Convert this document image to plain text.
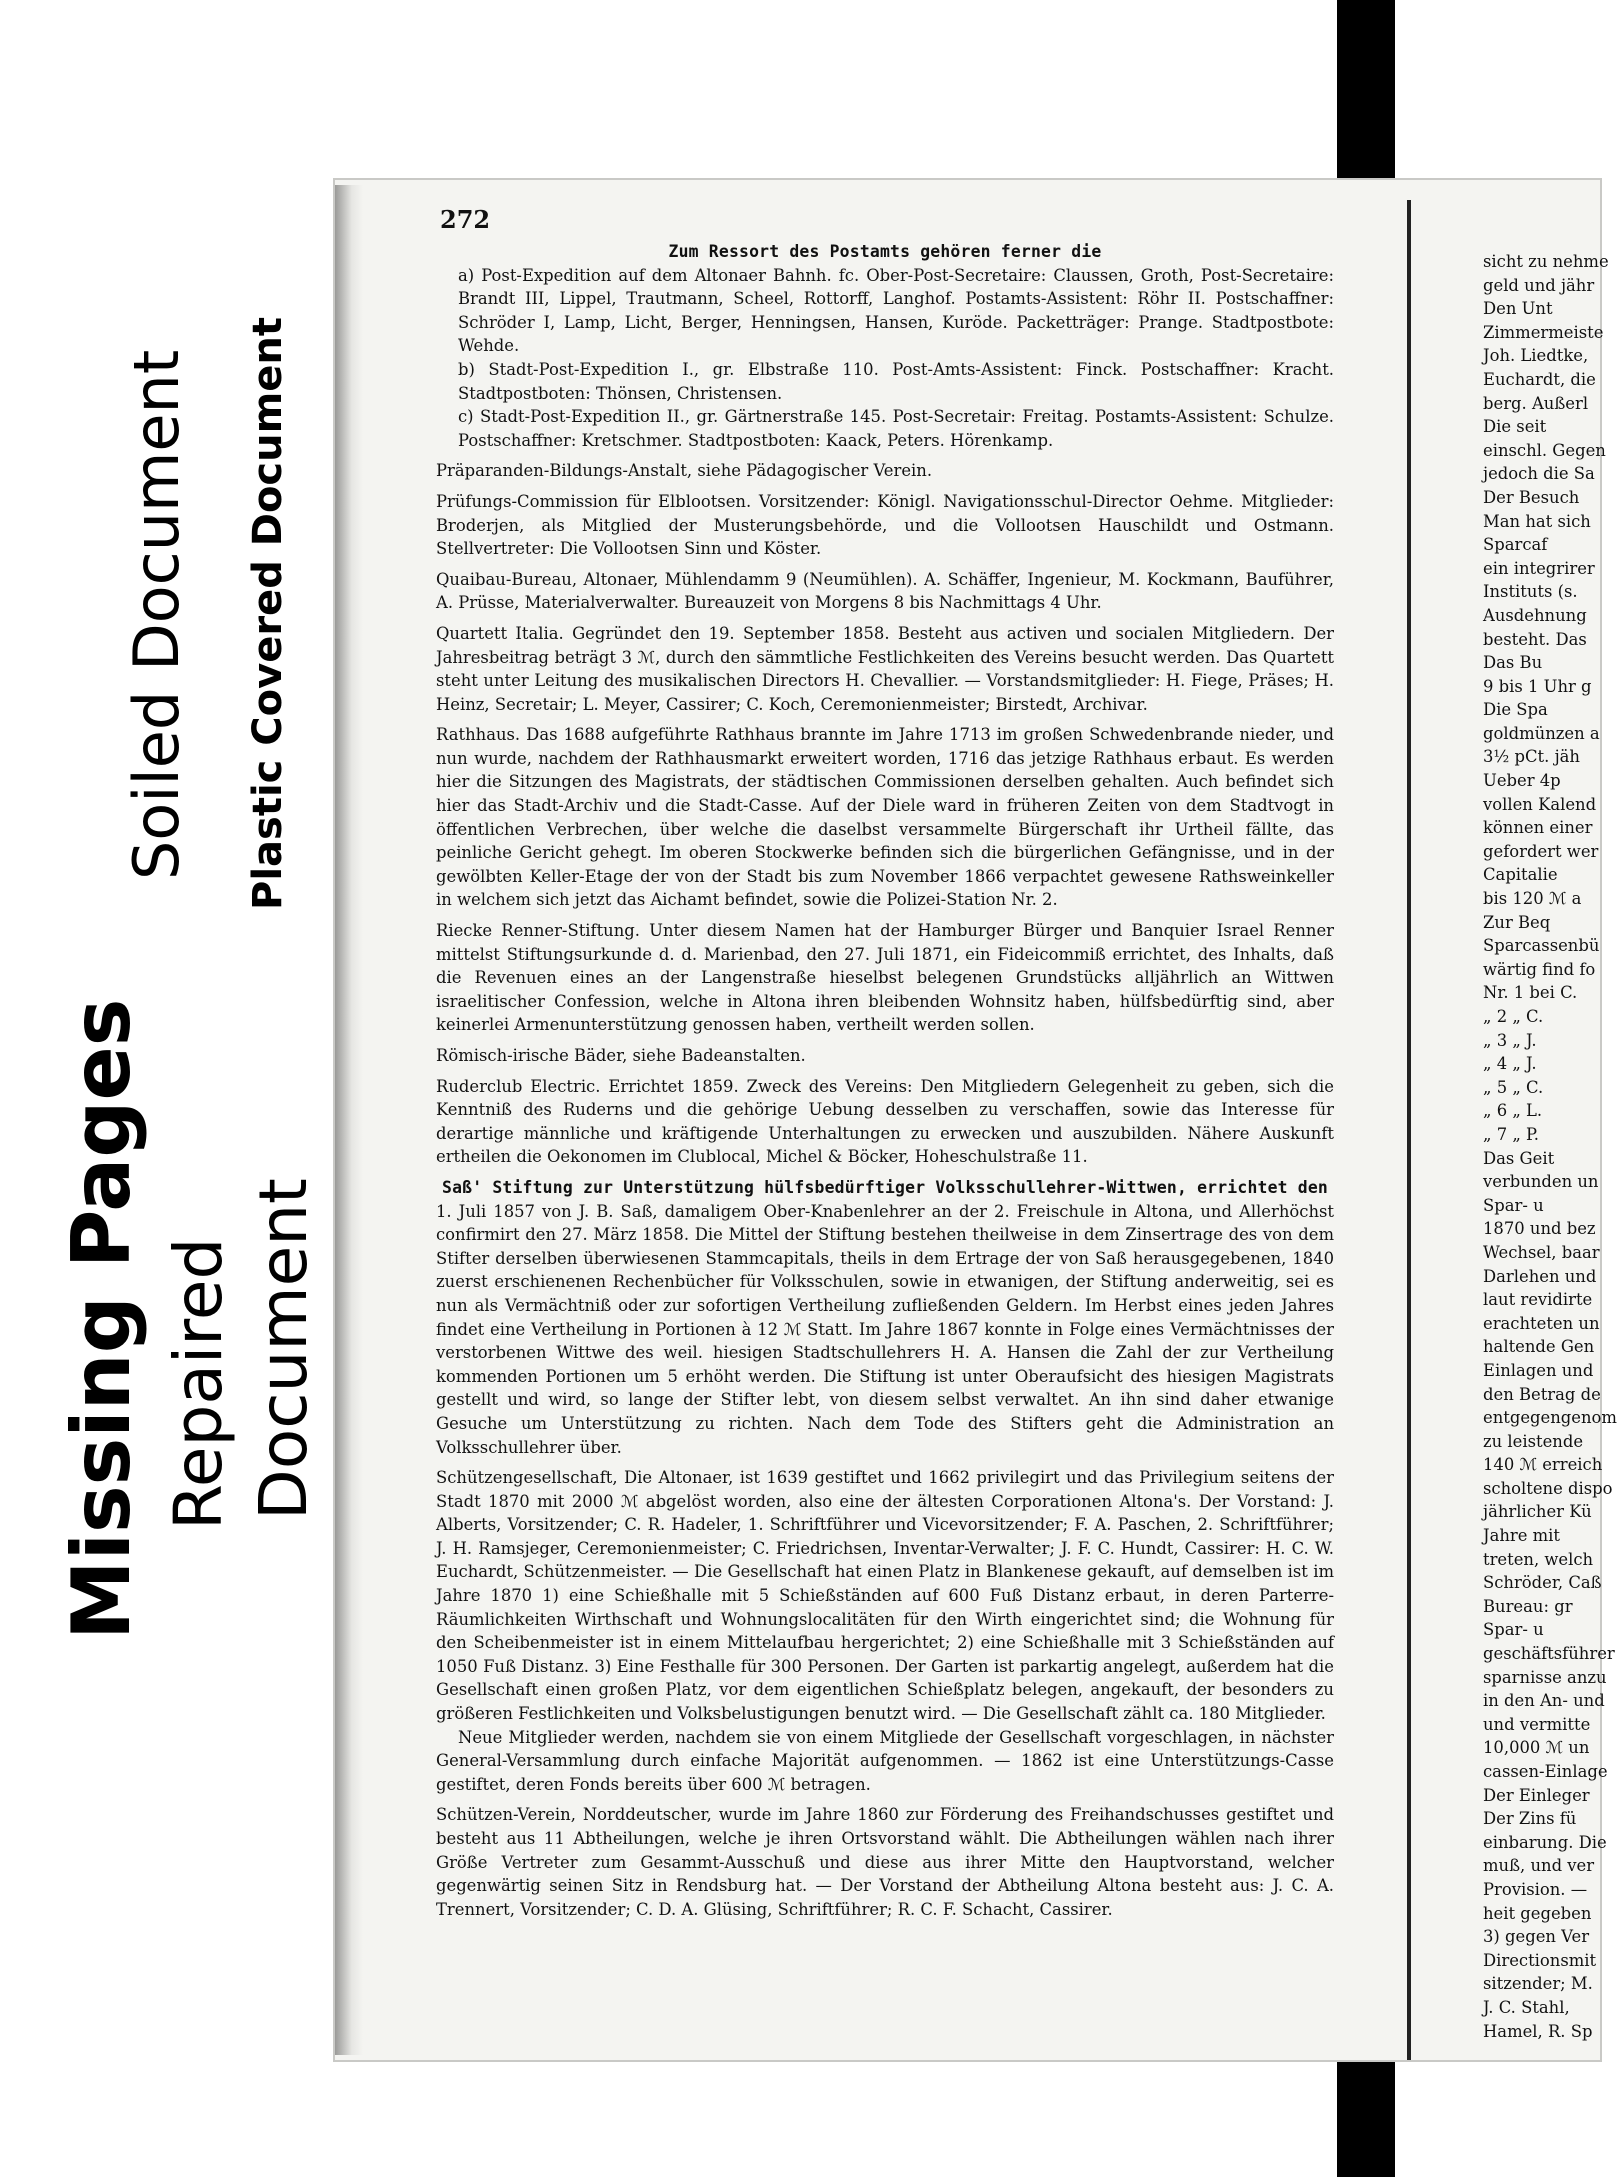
Soiled Document Plastic Covered Document
Missing Pages Repaired Document
272

Zum Ressort des Postamts gehören ferner die

a) Post-Expedition auf dem Altonaer Bahnh. fc. Ober-Post-Secretaire: Claussen, Groth, Post-Secretaire: Brandt III, Lippel, Trautmann, Scheel, Rottorff, Langhof. Postamts-Assistent: Röhr II. Postschaffner: Schröder I, Lamp, Licht, Berger, Henningsen, Hansen, Kuröde. Packetträger: Prange. Stadtpostbote: Wehde.

b) Stadt-Post-Expedition I., gr. Elbstraße 110. Post-Amts-Assistent: Finck. Postschaffner: Kracht. Stadtpostboten: Thönsen, Christensen.

c) Stadt-Post-Expedition II., gr. Gärtnerstraße 145. Post-Secretair: Freitag. Postamts-Assistent: Schulze. Postschaffner: Kretschmer. Stadtpostboten: Kaack, Peters. Hörenkamp.

Präparanden-Bildungs-Anstalt, siehe Pädagogischer Verein.

Prüfungs-Commission für Elblootsen. Vorsitzender: Königl. Navigationsschul-Director Oehme. Mitglieder: Broderjen, als Mitglied der Musterungsbehörde, und die Vollootsen Hauschildt und Ostmann. Stellvertreter: Die Vollootsen Sinn und Köster.

Quaibau-Bureau, Altonaer, Mühlendamm 9 (Neumühlen). A. Schäffer, Ingenieur, M. Kockmann, Bauführer, A. Prüsse, Materialverwalter. Bureauzeit von Morgens 8 bis Nachmittags 4 Uhr.

Quartett Italia. Gegründet den 19. September 1858. Besteht aus activen und socialen Mitgliedern. Der Jahresbeitrag beträgt 3 ℳ, durch den sämmtliche Festlichkeiten des Vereins besucht werden. Das Quartett steht unter Leitung des musikalischen Directors H. Chevallier. — Vorstandsmitglieder: H. Fiege, Präses; H. Heinz, Secretair; L. Meyer, Cassirer; C. Koch, Ceremonienmeister; Birstedt, Archivar.

Rathhaus. Das 1688 aufgeführte Rathhaus brannte im Jahre 1713 im großen Schwedenbrande nieder, und nun wurde, nachdem der Rathhausmarkt erweitert worden, 1716 das jetzige Rathhaus erbaut. Es werden hier die Sitzungen des Magistrats, der städtischen Commissionen derselben gehalten. Auch befindet sich hier das Stadt-Archiv und die Stadt-Casse. Auf der Diele ward in früheren Zeiten von dem Stadtvogt in öffentlichen Verbrechen, über welche die daselbst versammelte Bürgerschaft ihr Urtheil fällte, das peinliche Gericht gehegt. Im oberen Stockwerke befinden sich die bürgerlichen Gefängnisse, und in der gewölbten Keller-Etage der von der Stadt bis zum November 1866 verpachtet gewesene Rathsweinkeller in welchem sich jetzt das Aichamt befindet, sowie die Polizei-Station Nr. 2.

Riecke Renner-Stiftung. Unter diesem Namen hat der Hamburger Bürger und Banquier Israel Renner mittelst Stiftungsurkunde d. d. Marienbad, den 27. Juli 1871, ein Fideicommiß errichtet, des Inhalts, daß die Revenuen eines an der Langenstraße hieselbst belegenen Grundstücks alljährlich an Wittwen israelitischer Confession, welche in Altona ihren bleibenden Wohnsitz haben, hülfsbedürftig sind, aber keinerlei Armenunterstützung genossen haben, vertheilt werden sollen.

Römisch-irische Bäder, siehe Badeanstalten.

Ruderclub Electric. Errichtet 1859. Zweck des Vereins: Den Mitgliedern Gelegenheit zu geben, sich die Kenntniß des Ruderns und die gehörige Uebung desselben zu verschaffen, sowie das Interesse für derartige männliche und kräftigende Unterhaltungen zu erwecken und auszubilden. Nähere Auskunft ertheilen die Oekonomen im Clublocal, Michel & Böcker, Hoheschulstraße 11.

Saß' Stiftung zur Unterstützung hülfsbedürftiger Volksschullehrer-Wittwen, errichtet den

1. Juli 1857 von J. B. Saß, damaligem Ober-Knabenlehrer an der 2. Freischule in Altona, und Allerhöchst confirmirt den 27. März 1858. Die Mittel der Stiftung bestehen theilweise in dem Zinsertrage des von dem Stifter derselben überwiesenen Stammcapitals, theils in dem Ertrage der von Saß herausgegebenen, 1840 zuerst erschienenen Rechenbücher für Volksschulen, sowie in etwanigen, der Stiftung anderweitig, sei es nun als Vermächtniß oder zur sofortigen Vertheilung zufließenden Geldern. Im Herbst eines jeden Jahres findet eine Vertheilung in Portionen à 12 ℳ Statt. Im Jahre 1867 konnte in Folge eines Vermächtnisses der verstorbenen Wittwe des weil. hiesigen Stadtschullehrers H. A. Hansen die Zahl der zur Vertheilung kommenden Portionen um 5 erhöht werden. Die Stiftung ist unter Oberaufsicht des hiesigen Magistrats gestellt und wird, so lange der Stifter lebt, von diesem selbst verwaltet. An ihn sind daher etwanige Gesuche um Unterstützung zu richten. Nach dem Tode des Stifters geht die Administration an Volksschullehrer über.

Schützengesellschaft, Die Altonaer, ist 1639 gestiftet und 1662 privilegirt und das Privilegium seitens der Stadt 1870 mit 2000 ℳ abgelöst worden, also eine der ältesten Corporationen Altona's. Der Vorstand: J. Alberts, Vorsitzender; C. R. Hadeler, 1. Schriftführer und Vicevorsitzender; F. A. Paschen, 2. Schriftführer; J. H. Ramsjeger, Ceremonienmeister; C. Friedrichsen, Inventar-Verwalter; J. F. C. Hundt, Cassirer: H. C. W. Euchardt, Schützenmeister. — Die Gesellschaft hat einen Platz in Blankenese gekauft, auf demselben ist im Jahre 1870 1) eine Schießhalle mit 5 Schießständen auf 600 Fuß Distanz erbaut, in deren Parterre-Räumlichkeiten Wirthschaft und Wohnungslocalitäten für den Wirth eingerichtet sind; die Wohnung für den Scheibenmeister ist in einem Mittelaufbau hergerichtet; 2) eine Schießhalle mit 3 Schießständen auf 1050 Fuß Distanz. 3) Eine Festhalle für 300 Personen. Der Garten ist parkartig angelegt, außerdem hat die Gesellschaft einen großen Platz, vor dem eigentlichen Schießplatz belegen, angekauft, der besonders zu größeren Festlichkeiten und Volksbelustigungen benutzt wird. — Die Gesellschaft zählt ca. 180 Mitglieder.

Neue Mitglieder werden, nachdem sie von einem Mitgliede der Gesellschaft vorgeschlagen, in nächster General-Versammlung durch einfache Majorität aufgenommen. — 1862 ist eine Unterstützungs-Casse gestiftet, deren Fonds bereits über 600 ℳ betragen.

Schützen-Verein, Norddeutscher, wurde im Jahre 1860 zur Förderung des Freihandschusses gestiftet und besteht aus 11 Abtheilungen, welche je ihren Ortsvorstand wählt. Die Abtheilungen wählen nach ihrer Größe Vertreter zum Gesammt-Ausschuß und diese aus ihrer Mitte den Hauptvorstand, welcher gegenwärtig seinen Sitz in Rendsburg hat. — Der Vorstand der Abtheilung Altona besteht aus: J. C. A. Trennert, Vorsitzender; C. D. A. Glüsing, Schriftführer; R. C. F. Schacht, Cassirer.

sicht zu nehme
geld und jähr
Den Unt
Zimmermeiste
Joh. Liedtke,
Euchardt, die
berg. Außerl
Die seit
einschl. Gegen
jedoch die Sa
Der Besuch
Man hat sich
Sparcaf
ein integrirer
Instituts (s.
Ausdehnung
besteht. Das
Das Bu
9 bis 1 Uhr g
Die Spa
goldmünzen a
3½ pCt. jäh
Ueber 4p
vollen Kalend
können einer
gefordert wer
Capitalie
bis 120 ℳ a
Zur Beq
Sparcassenbü
wärtig find fo
Nr. 1 bei C.
„ 2 „ C.
„ 3 „ J.
„ 4 „ J.
„ 5 „ C.
„ 6 „ L.
„ 7 „ P.
Das Geit
verbunden un
Spar- u
1870 und bez
Wechsel, baar
Darlehen und
laut revidirte
erachteten un
haltende Gen
Einlagen und
den Betrag de
entgegengenom
zu leistende
140 ℳ erreich
scholtene dispo
jährlicher Kü
Jahre mit
treten, welch
Schröder, Caß
Bureau: gr
Spar- u
geschäftsführer
sparnisse anzu
in den An- und
und vermitte
10,000 ℳ un
cassen-Einlage
Der Einleger
Der Zins fü
einbarung. Die
muß, und ver
Provision. —
heit gegeben
3) gegen Ver
Directionsmit
sitzender; M.
J. C. Stahl,
Hamel, R. Sp
